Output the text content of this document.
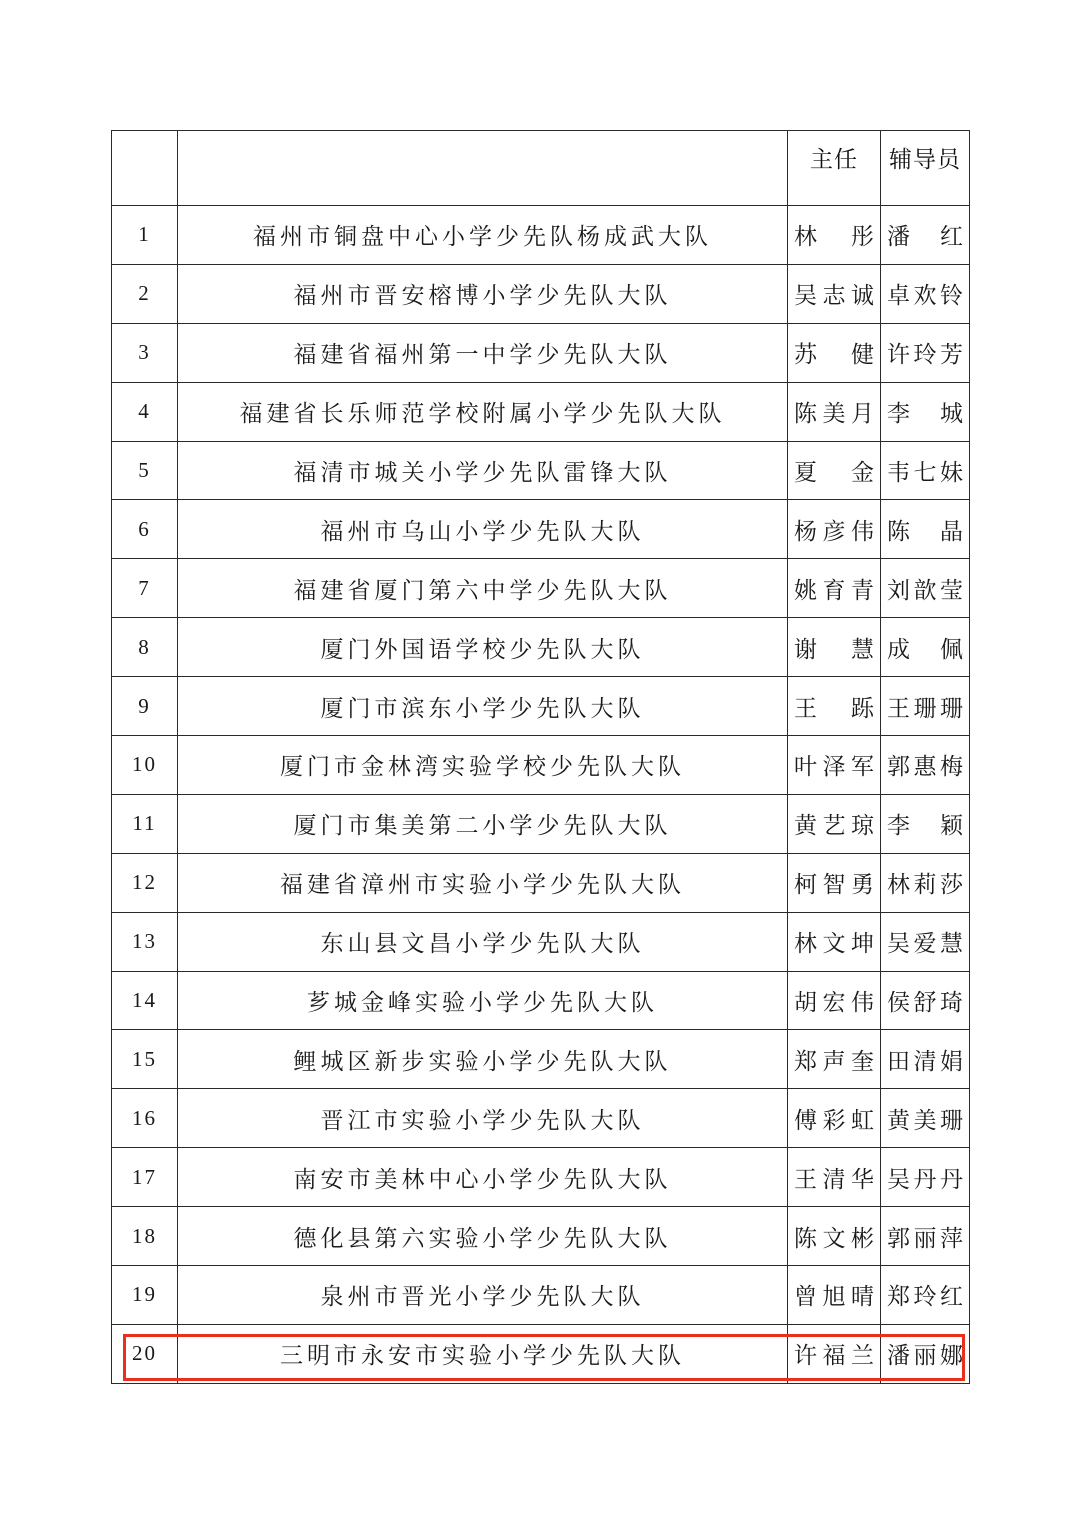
		主任	辅导员
1	福州市铜盘中心小学少先队杨成武大队	林 彤	潘 红

2	福州市晋安榕博小学少先队大队	吴 志 诚	卓 欢 铃

3	福建省福州第一中学少先队大队	苏 健	许 玲 芳

4	福建省长乐师范学校附属小学少先队大队	陈 美 月	李 城

5	福清市城关小学少先队雷锋大队	夏 金	韦 七 妹

6	福州市乌山小学少先队大队	杨 彦 伟	陈 晶

7	福建省厦门第六中学少先队大队	姚 育 青	刘 歆 莹

8	厦门外国语学校少先队大队	谢 慧	成 佩

9	厦门市滨东小学少先队大队	王 跞	王 珊 珊

10	厦门市金林湾实验学校少先队大队	叶 泽 军	郭 惠 梅

11	厦门市集美第二小学少先队大队	黄 艺 琼	李 颖

12	福建省漳州市实验小学少先队大队	柯 智 勇	林 莉 莎

13	东山县文昌小学少先队大队	林 文 坤	吴 爱 慧

14	芗城金峰实验小学少先队大队	胡 宏 伟	侯 舒 琦

15	鲤城区新步实验小学少先队大队	郑 声 奎	田 清 娟

16	晋江市实验小学少先队大队	傅 彩 虹	黄 美 珊

17	南安市美林中心小学少先队大队	王 清 华	吴 丹 丹

18	德化县第六实验小学少先队大队	陈 文 彬	郭 丽 萍

19	泉州市晋光小学少先队大队	曾 旭 晴	郑 玲 红

20	三明市永安市实验小学少先队大队	许 福 兰	潘 丽 娜
